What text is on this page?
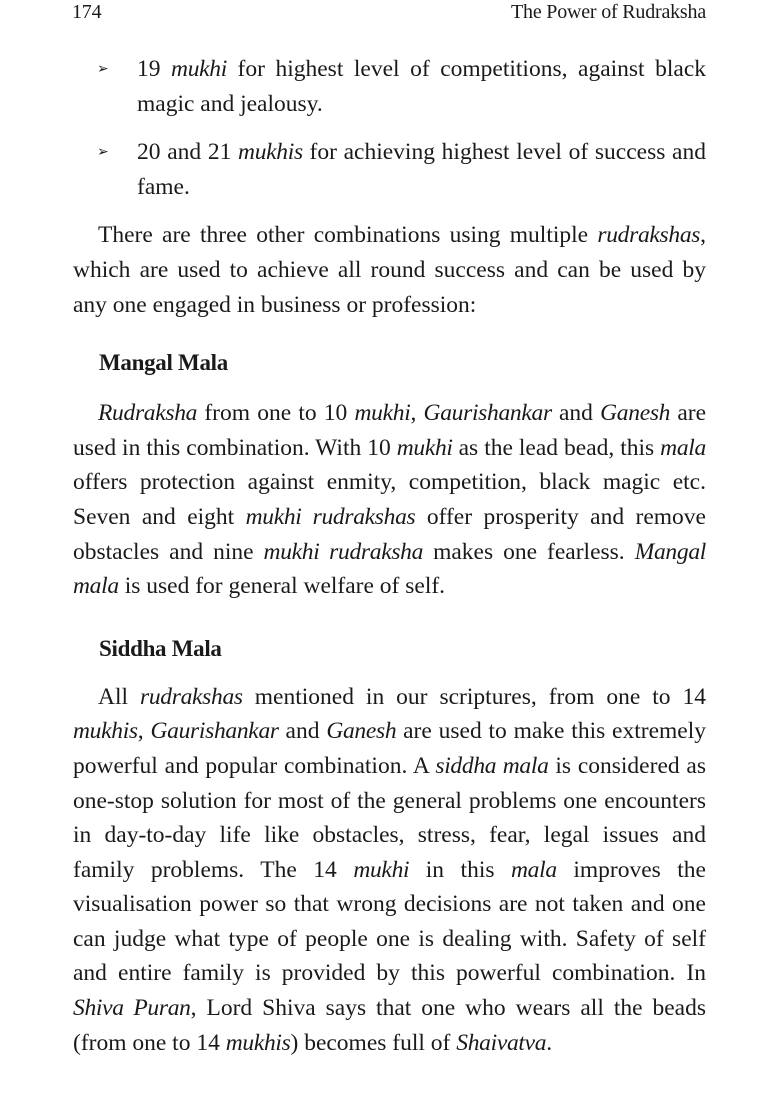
174	The Power of Rudraksha
➢ 19 mukhi for highest level of competitions, against black magic and jealousy.
➢ 20 and 21 mukhis for achieving highest level of success and fame.

There are three other combinations using multiple rudrakshas, which are used to achieve all round success and can be used by any one engaged in business or profession:

Mangal Mala

Rudraksha from one to 10 mukhi, Gaurishankar and Ganesh are used in this combination. With 10 mukhi as the lead bead, this mala offers protection against enmity, competition, black magic etc. Seven and eight mukhi rudrakshas offer prosperity and remove obstacles and nine mukhi rudraksha makes one fearless. Mangal mala is used for general welfare of self.

Siddha Mala

All rudrakshas mentioned in our scriptures, from one to 14 mukhis, Gaurishankar and Ganesh are used to make this extremely powerful and popular combination. A siddha mala is considered as one-stop solution for most of the general problems one encounters in day-to-day life like obstacles, stress, fear, legal issues and family problems. The 14 mukhi in this mala improves the visualisation power so that wrong decisions are not taken and one can judge what type of people one is dealing with. Safety of self and entire family is provided by this powerful combination. In Shiva Puran, Lord Shiva says that one who wears all the beads (from one to 14 mukhis) becomes full of Shaivatva.
